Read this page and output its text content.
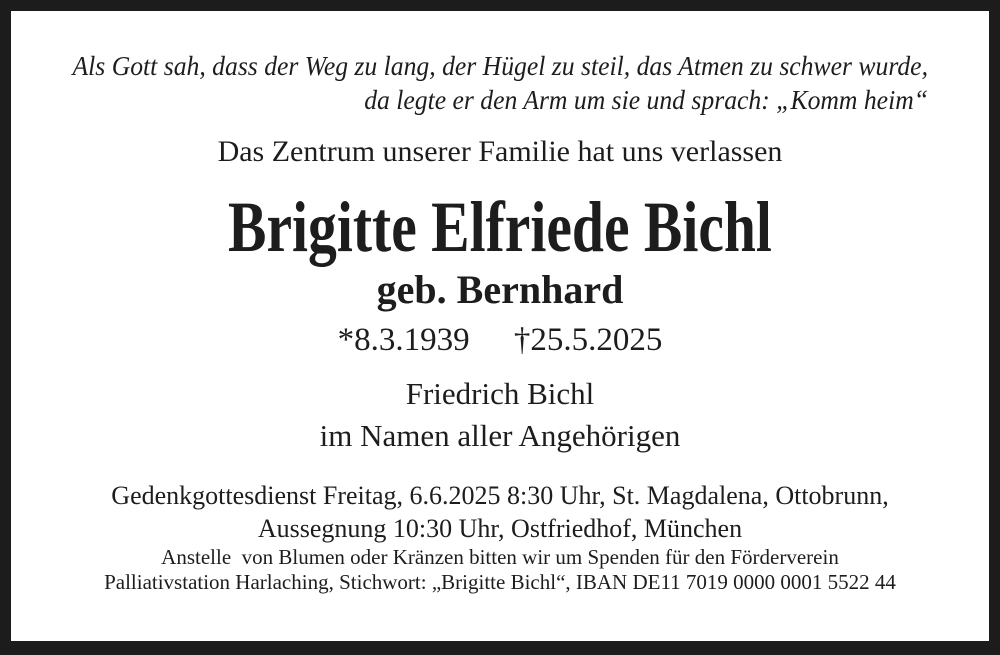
Als Gott sah, dass der Weg zu lang, der Hügel zu steil, das Atmen zu schwer wurde,
da legte er den Arm um sie und sprach: „Komm heim“
Das Zentrum unserer Familie hat uns verlassen
Brigitte Elfriede Bichl
geb. Bernhard
*8.3.1939 †25.5.2025
Friedrich Bichl
im Namen aller Angehörigen
Gedenkgottesdienst Freitag, 6.6.2025 8:30 Uhr, St. Magdalena, Ottobrunn,
Aussegnung 10:30 Uhr, Ostfriedhof, München
Anstelle  von Blumen oder Kränzen bitten wir um Spenden für den Förderverein
Palliativstation Harlaching, Stichwort: „Brigitte Bichl“, IBAN DE11 7019 0000 0001 5522 44
